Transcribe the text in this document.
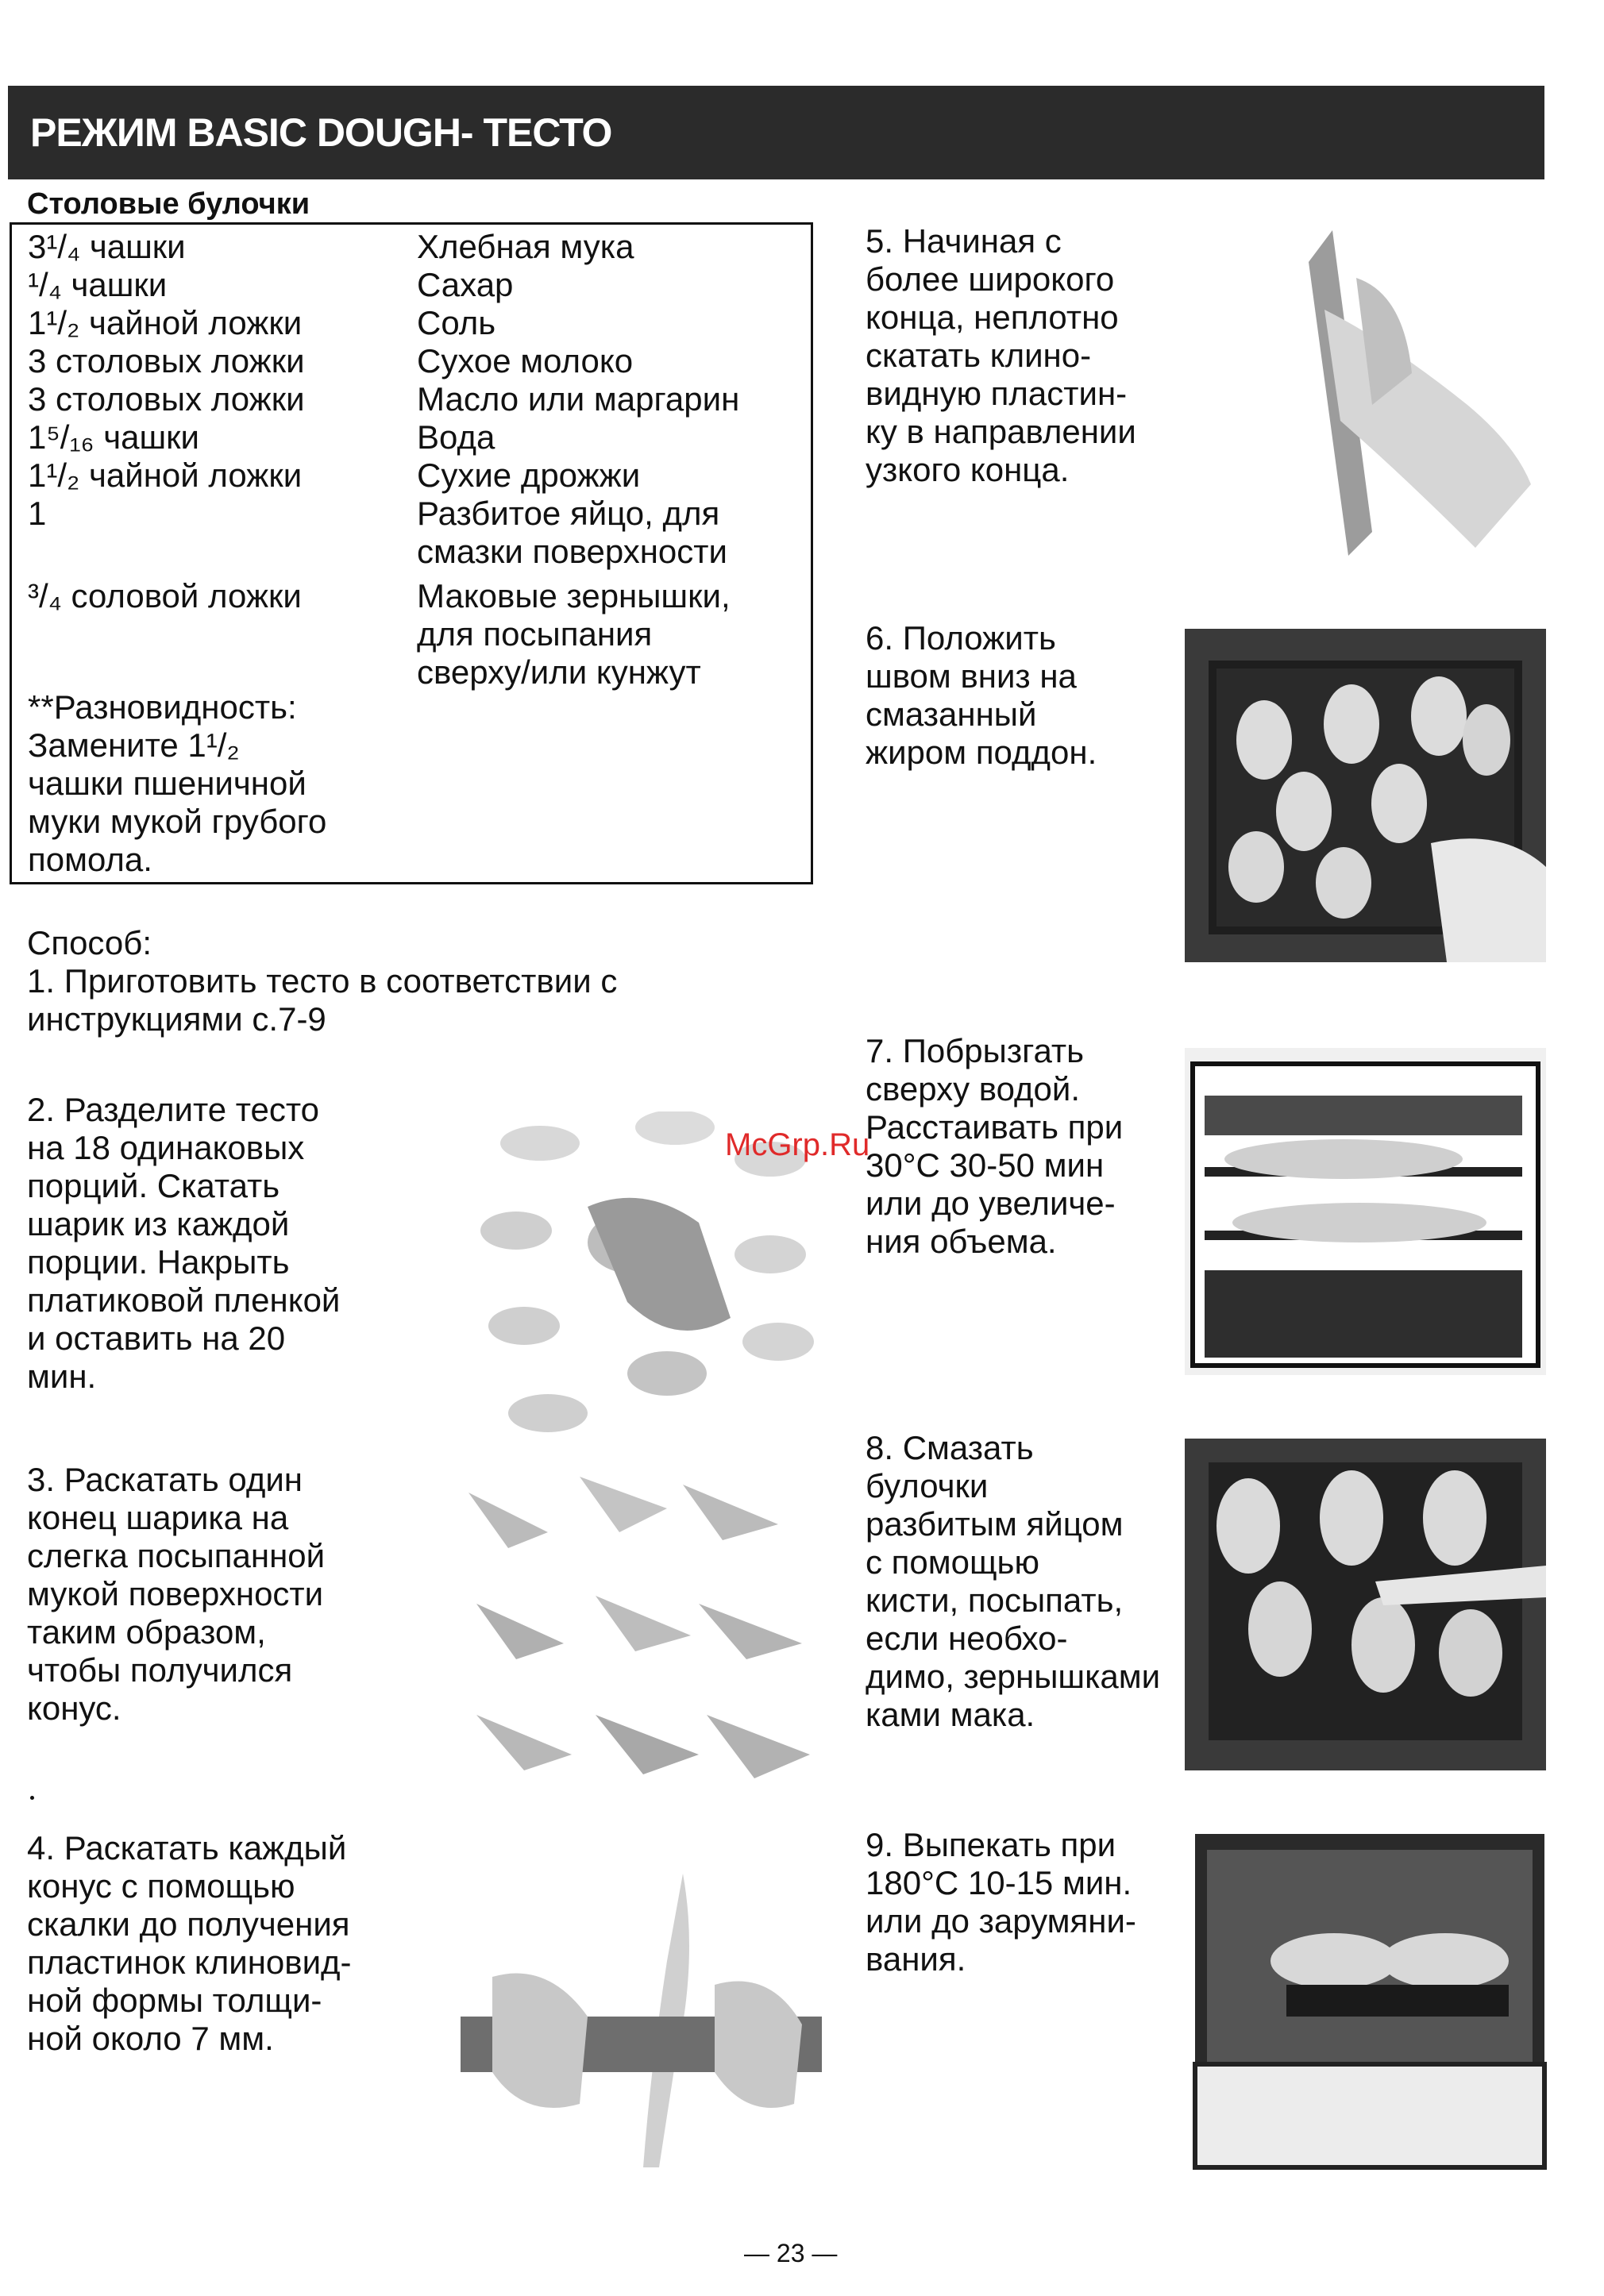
РЕЖИМ BASIC DOUGH- ТЕСТО
Столовые булочки
3¹/₄ чашки	Хлебная мука
¹/₄ чашки	Сахар
1¹/₂ чайной ложки	Соль
3 столовых ложки	Сухое молоко
3 столовых ложки	Масло или маргарин
1⁵/₁₆ чашки	Вода
1¹/₂ чайной ложки	Сухие дрожжи
1	Разбитое яйцо, для
смазки поверхности
³/₄ соловой ложки	Маковые зернышки,
для посыпания
сверху/или кунжут
**Разновидность:
Замените 1¹/₂
чашки пшеничной
муки мукой грубого
помола.
Способ:
1. Приготовить тесто в соответствии с
инструкциями с.7-9
2. Разделите тесто
на 18 одинаковых
порций. Скатать
шарик из каждой
порции. Накрыть
платиковой пленкой
и оставить на 20
мин.
3. Раскатать один
конец шарика на
слегка посыпанной
мукой поверхности
таким образом,
чтобы получился
конус.
4. Раскатать каждый
конус с помощью
скалки до получения
пластинок клиновид-
ной формы толщи-
ной около 7 мм.
5. Начиная с
более широкого
конца, неплотно
скатать клино-
видную пластин-
ку в направлении
узкого конца.
6. Положить
швом вниз на
смазанный
жиром поддон.
7. Побрызгать
сверху водой.
Расстаивать при
30°С 30-50 мин
или до увеличе-
ния объема.
8. Смазать
булочки
разбитым яйцом
с помощью
кисти, посыпать,
если необхо-
димо, зернышками
ками мака.
9. Выпекать при
180°С 10-15 мин.
или до зарумяни-
вания.
McGrp.Ru
— 23 —
